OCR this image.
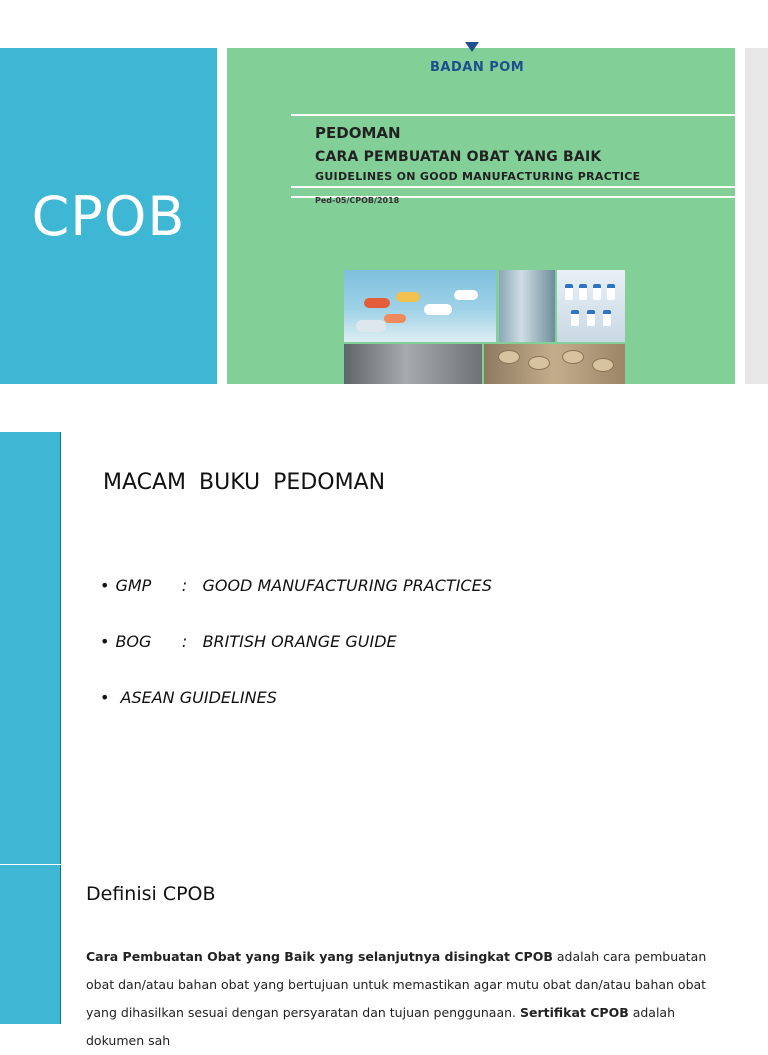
CPOB
BADAN POM
PEDOMAN
CARA PEMBUATAN OBAT YANG BAIK
GUIDELINES ON GOOD MANUFACTURING PRACTICE
Ped-05/CPOB/2018
MACAM BUKU PEDOMAN
• GMP      :   GOOD MANUFACTURING PRACTICES
• BOG      :   BRITISH ORANGE GUIDE
• ASEAN GUIDELINES
Definisi CPOB

Cara Pembuatan Obat yang Baik yang selanjutnya disingkat CPOB adalah cara pembuatan obat dan/atau bahan obat yang bertujuan untuk memastikan agar mutu obat dan/atau bahan obat yang dihasilkan sesuai dengan persyaratan dan tujuan penggunaan. Sertifikat CPOB adalah dokumen sah
